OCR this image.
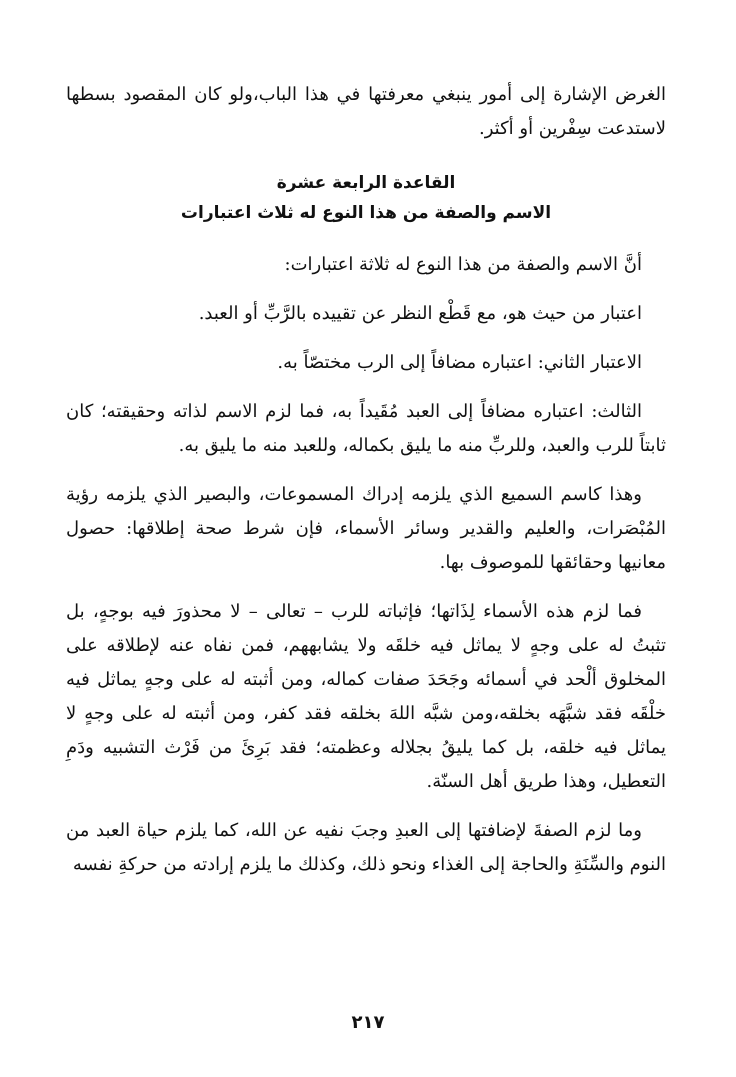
الغرض الإشارة إلى أمور ينبغي معرفتها في هذا الباب،ولو كان المقصود بسطها لاستدعت سِفْرين أو أكثر.

القاعدة الرابعة عشرة
الاسم والصفة من هذا النوع له ثلاث اعتبارات

أنَّ الاسم والصفة من هذا النوع له ثلاثة اعتبارات:

اعتبار من حيث هو، مع قَطْع النظر عن تقييده بالرَّبِّ أو العبد.

الاعتبار الثاني: اعتباره مضافاً إلى الرب مختصّاً به.

الثالث: اعتباره مضافاً إلى العبد مُقَيداً به، فما لزم الاسم لذاته وحقيقته؛ كان ثابتاً للرب والعبد، وللربِّ منه ما يليق بكماله، وللعبد منه ما يليق به.

وهذا كاسم السميع الذي يلزمه إدراك المسموعات، والبصير الذي يلزمه رؤية المُبْصَرات، والعليم والقدير وسائر الأسماء، فإن شرط صحة إطلاقها: حصول معانيها وحقائقها للموصوف بها.

فما لزم هذه الأسماء لِذَاتها؛ فإثباته للرب – تعالى – لا محذورَ فيه بوجهٍ، بل تثبتُ له على وجهٍ لا يماثل فيه خلقَه ولا يشابههم، فمن نفاه عنه لإطلاقه على المخلوق ألْحد في أسمائه وجَحَدَ صفات كماله، ومن أثبته له على وجهٍ يماثل فيه خلْقَه فقد شبَّهَه بخلقه،ومن شبَّه اللهَ بخلقه فقد كفر، ومن أثبته له على وجهٍ لا يماثل فيه خلقه، بل كما يليقُ بجلاله وعظمته؛ فقد بَرِئَ من فَرْث التشبيه ودَمِ التعطيل، وهذا طريق أهل السنّة.

وما لزم الصفةَ لإضافتها إلى العبدِ وجبَ نفيه عن الله، كما يلزم حياة العبد من النوم والسِّنَةِ والحاجة إلى الغذاء ونحو ذلك، وكذلك ما يلزم إرادته من حركةِ نفسه

٢١٧
